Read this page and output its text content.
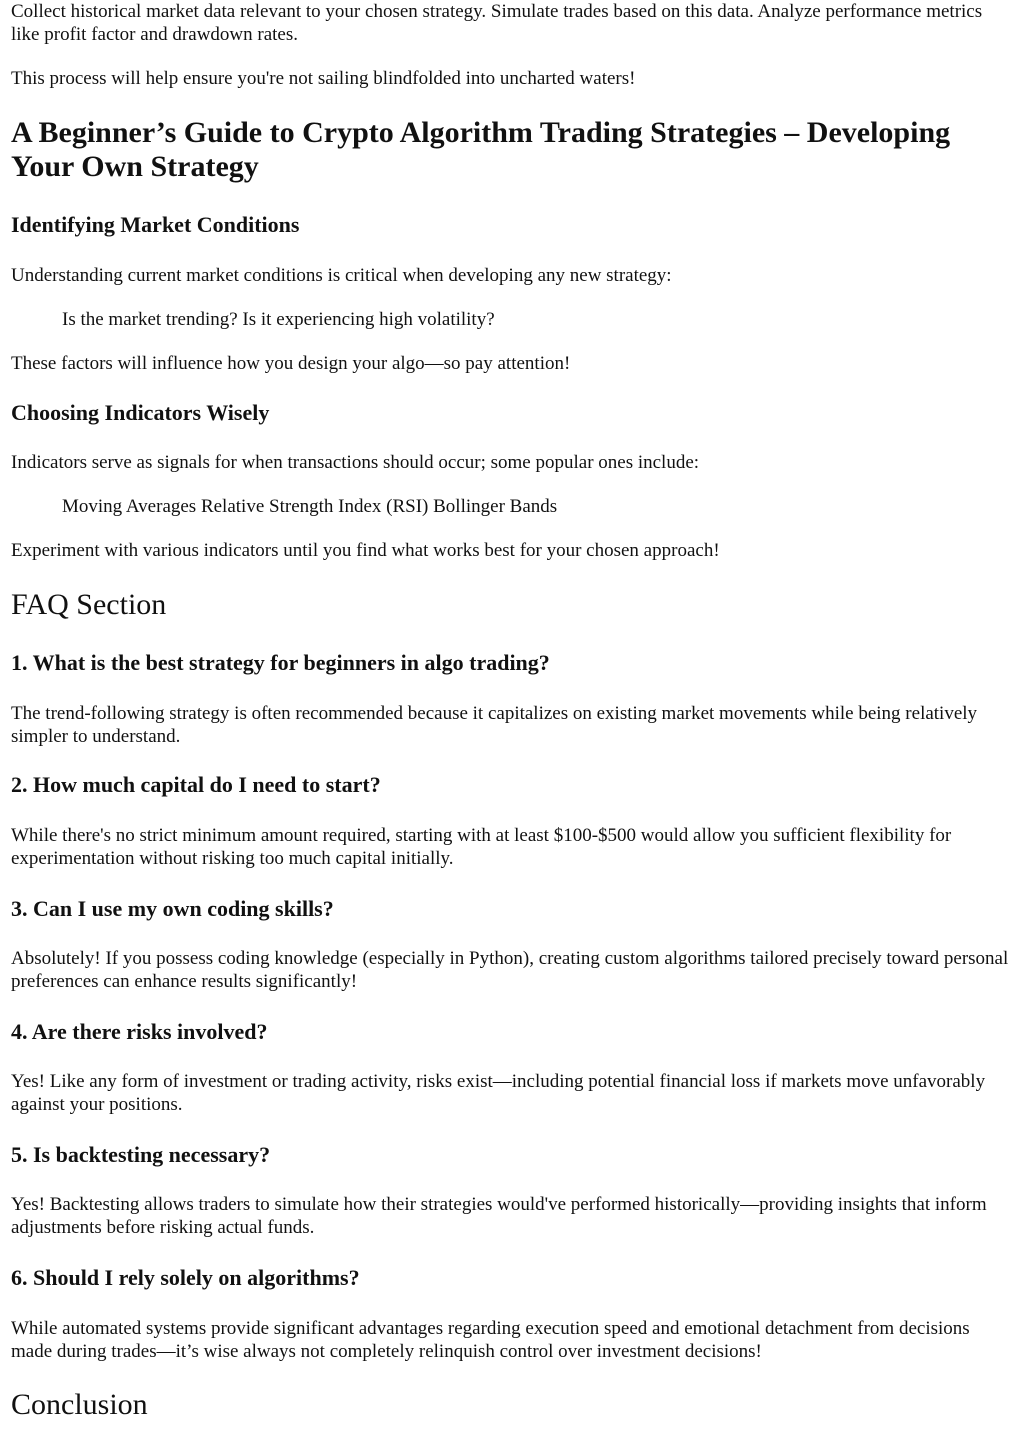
Collect historical market data relevant to your chosen strategy. Simulate trades based on this data. Analyze performance metrics like profit factor and drawdown rates.

This process will help ensure you're not sailing blindfolded into uncharted waters!

A Beginner’s Guide to Crypto Algorithm Trading Strategies – Developing Your Own Strategy
Identifying Market Conditions

Understanding current market conditions is critical when developing any new strategy:

Is the market trending? Is it experiencing high volatility?

These factors will influence how you design your algo—so pay attention!

Choosing Indicators Wisely

Indicators serve as signals for when transactions should occur; some popular ones include:

Moving Averages Relative Strength Index (RSI) Bollinger Bands

Experiment with various indicators until you find what works best for your chosen approach!

FAQ Section
1. What is the best strategy for beginners in algo trading?

The trend-following strategy is often recommended because it capitalizes on existing market movements while being relatively simpler to understand.

2. How much capital do I need to start?

While there's no strict minimum amount required, starting with at least $100-$500 would allow you sufficient flexibility for experimentation without risking too much capital initially.

3. Can I use my own coding skills?

Absolutely! If you possess coding knowledge (especially in Python), creating custom algorithms tailored precisely toward personal preferences can enhance results significantly!

4. Are there risks involved?

Yes! Like any form of investment or trading activity, risks exist—including potential financial loss if markets move unfavorably against your positions.

5. Is backtesting necessary?

Yes! Backtesting allows traders to simulate how their strategies would've performed historically—providing insights that inform adjustments before risking actual funds.

6. Should I rely solely on algorithms?

While automated systems provide significant advantages regarding execution speed and emotional detachment from decisions made during trades—it’s wise always not completely relinquish control over investment decisions!

Conclusion
